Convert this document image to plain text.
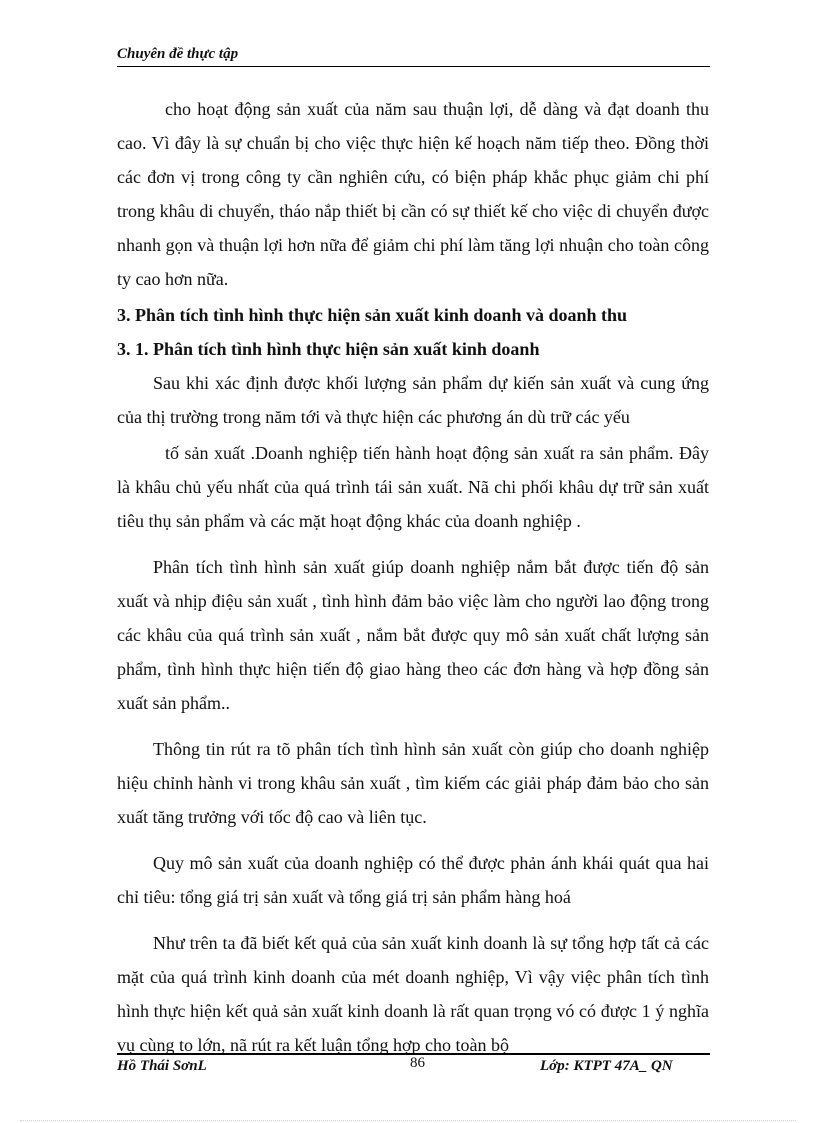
Chuyên đề thực tập

cho hoạt động sản xuất của năm sau thuận lợi, dễ dàng và đạt doanh thu cao. Vì đây là sự chuẩn bị cho việc thực hiện kế hoạch năm tiếp theo. Đồng thời các đơn vị trong công ty cần nghiên cứu, có biện pháp khắc phục giảm chi phí trong khâu di chuyển, tháo nắp thiết bị cần có sự thiết kế cho việc di chuyển được nhanh gọn và thuận lợi hơn nữa để giảm chi phí làm tăng lợi nhuận cho toàn công ty cao hơn nữa.

3. Phân tích tình hình thực hiện sản xuất kinh doanh và doanh thu

3. 1. Phân tích tình hình thực hiện sản xuất kinh doanh

Sau khi xác định được khối lượng sản phẩm dự kiến sản xuất và cung ứng của thị trường trong năm tới và thực hiện các phương án dù trữ các yếu

tố sản xuất .Doanh nghiệp tiến hành hoạt động sản xuất ra sản phẩm. Đây là khâu chủ yếu nhất của quá trình tái sản xuất. Nã chi phối khâu dự trữ sản xuất tiêu thụ sản phẩm và các mặt hoạt động khác của doanh nghiệp .

Phân tích tình hình sản xuất giúp doanh nghiệp nắm bắt được tiến độ sản xuất và nhịp điệu sản xuất , tình hình đảm bảo việc làm cho người lao động trong các khâu của quá trình sản xuất , nắm bắt được quy mô sản xuất chất lượng sản phẩm, tình hình thực hiện tiến độ giao hàng theo các đơn hàng và hợp đồng sản xuất sản phẩm..

Thông tin rút ra tõ phân tích tình hình sản xuất còn giúp cho doanh nghiệp hiệu chỉnh hành vi trong khâu sản xuất , tìm kiếm các giải pháp đảm bảo cho sản xuất tăng trưởng với tốc độ cao và liên tục.

Quy mô sản xuất của doanh nghiệp có thể được phản ánh khái quát qua hai chỉ tiêu: tổng giá trị sản xuất và tổng giá trị sản phẩm hàng hoá

Như trên ta đã biết kết quả của sản xuất kinh doanh là sự tổng hợp tất cả các mặt của quá trình kinh doanh của mét doanh nghiệp, Vì vậy việc phân tích tình hình thực hiện kết quả sản xuất kinh doanh là rất quan trọng vó có được 1 ý nghĩa vụ cùng to lớn, nã rút ra kết luận tổng hợp cho toàn bộ

Hồ Thái SơnL	86	Lớp: KTPT 47A_ QN
